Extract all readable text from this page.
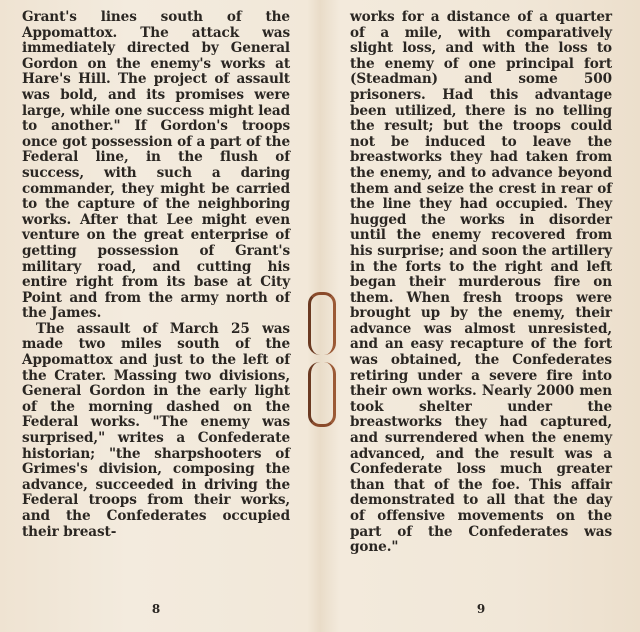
Grant's lines south of the Appomattox. The attack was immediately directed by General Gordon on the enemy's works at Hare's Hill. The project of assault was bold, and its promises were large, while one success might lead to another." If Gordon's troops once got possession of a part of the Federal line, in the flush of success, with such a daring commander, they might be carried to the capture of the neighboring works. After that Lee might even venture on the great enterprise of getting possession of Grant's military road, and cutting his entire right from its base at City Point and from the army north of the James.

The assault of March 25 was made two miles south of the Appomattox and just to the left of the Crater. Massing two divisions, General Gordon in the early light of the morning dashed on the Federal works. "The enemy was surprised," writes a Confederate historian; "the sharpshooters of Grimes's division, composing the advance, succeeded in driving the Federal troops from their works, and the Confederates occupied their breast-

8

works for a distance of a quarter of a mile, with comparatively slight loss, and with the loss to the enemy of one principal fort (Steadman) and some 500 prisoners. Had this advantage been utilized, there is no telling the result; but the troops could not be induced to leave the breastworks they had taken from the enemy, and to advance beyond them and seize the crest in rear of the line they had occupied. They hugged the works in disorder until the enemy recovered from his surprise; and soon the artillery in the forts to the right and left began their murderous fire on them. When fresh troops were brought up by the enemy, their advance was almost unresisted, and an easy recapture of the fort was obtained, the Confederates retiring under a severe fire into their own works. Nearly 2000 men took shelter under the breastworks they had captured, and surrendered when the enemy advanced, and the result was a Confederate loss much greater than that of the foe. This affair demonstrated to all that the day of offensive movements on the part of the Confederates was gone."

9
